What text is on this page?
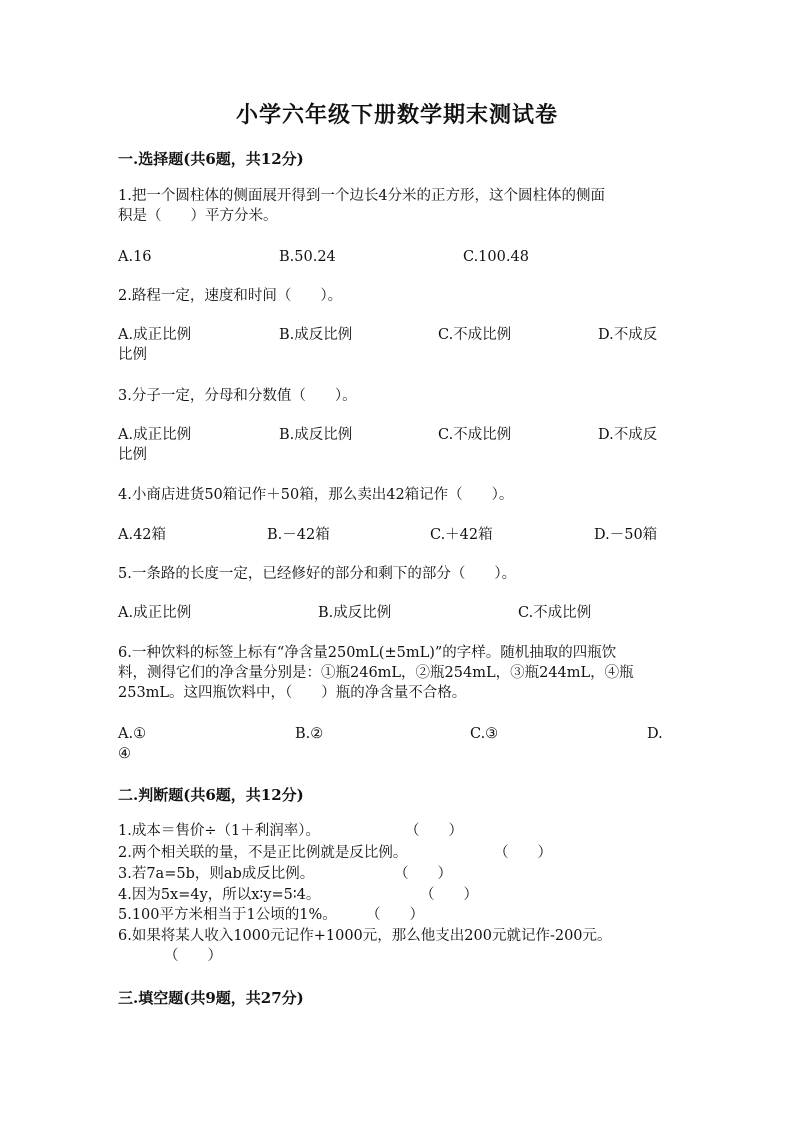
小学六年级下册数学期末测试卷
一.选择题(共6题，共12分)
1.把一个圆柱体的侧面展开得到一个边长4分米的正方形，这个圆柱体的侧面
积是（　　）平方分米。
A.16	B.50.24	C.100.48
2.路程一定，速度和时间（　　）。
A.成正比例	B.成反比例	C.不成比例	D.不成反
比例
3.分子一定，分母和分数值（　　）。
A.成正比例	B.成反比例	C.不成比例	D.不成反
比例
4.小商店进货50箱记作＋50箱，那么卖出42箱记作（　　）。
A.42箱	B.－42箱	C.＋42箱	D.－50箱
5.一条路的长度一定，已经修好的部分和剩下的部分（　　）。
A.成正比例	B.成反比例	C.不成比例
6.一种饮料的标签上标有“净含量250mL(±5mL)”的字样。随机抽取的四瓶饮
料，测得它们的净含量分别是：①瓶246mL，②瓶254mL，③瓶244mL，④瓶
253mL。这四瓶饮料中，（　　）瓶的净含量不合格。
A.①	B.②	C.③	D.
④
二.判断题(共6题，共12分)
1.成本＝售价÷（1＋利润率）。	（　　）
2.两个相关联的量，不是正比例就是反比例。	（　　）
3.若7a=5b，则ab成反比例。	（　　）
4.因为5x=4y，所以x∶y=5∶4。	（　　）
5.100平方米相当于1公顷的1%。 （　　）
6.如果将某人收入1000元记作+1000元，那么他支出200元就记作-200元。
（　　）
三.填空题(共9题，共27分)
